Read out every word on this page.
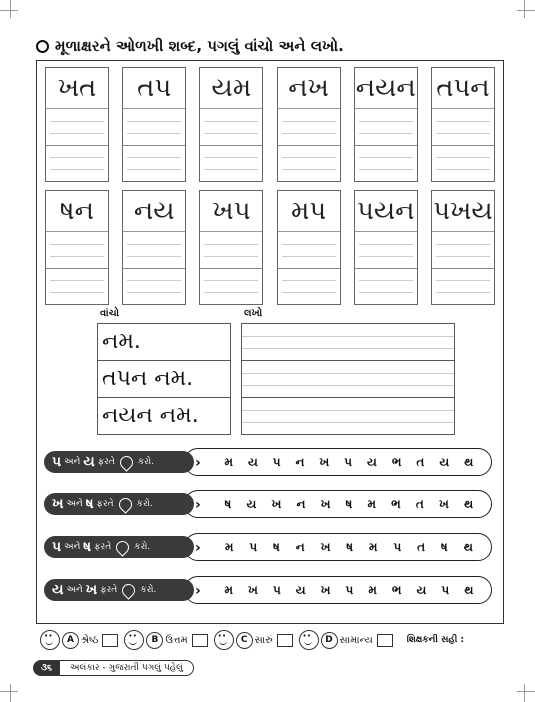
મૂળાક્ષરને ઓળખી શબ્દ, પગલું વાંચો અને લખો.
ખત	તપ	યમ	નખ	નયન તપન
ષન	નય	ખપ	મપ	પયન પખય
વાંચો	લખો
નમ.
તપન નમ.
નયન નમ.
મ ય પ ન ખ પ ય ભ ત ય થ
પ અને ય ફરતે	કરો.	›
ષ ય ખ ન ખ ષ મ ભ ત ખ થ
ખ અને ષ ફરતે	કરો.	›
મ પ ષ ન ખ ષ મ પ ત ષ થ
પ અને ષ ફરતે	કરો.	›
મ ખ પ ય ખ પ મ ભ ય પ થ
ય અને ખ ફરતે	કરો.	›
• •
A શ્રેષ્ઠ • •	B ઉત્તમ • •	C સારું • •	D સામાન્ય	શિક્ષકની સહી :
૩૬	અલંકાર - ગુજરાતી પગલું પહેલું
